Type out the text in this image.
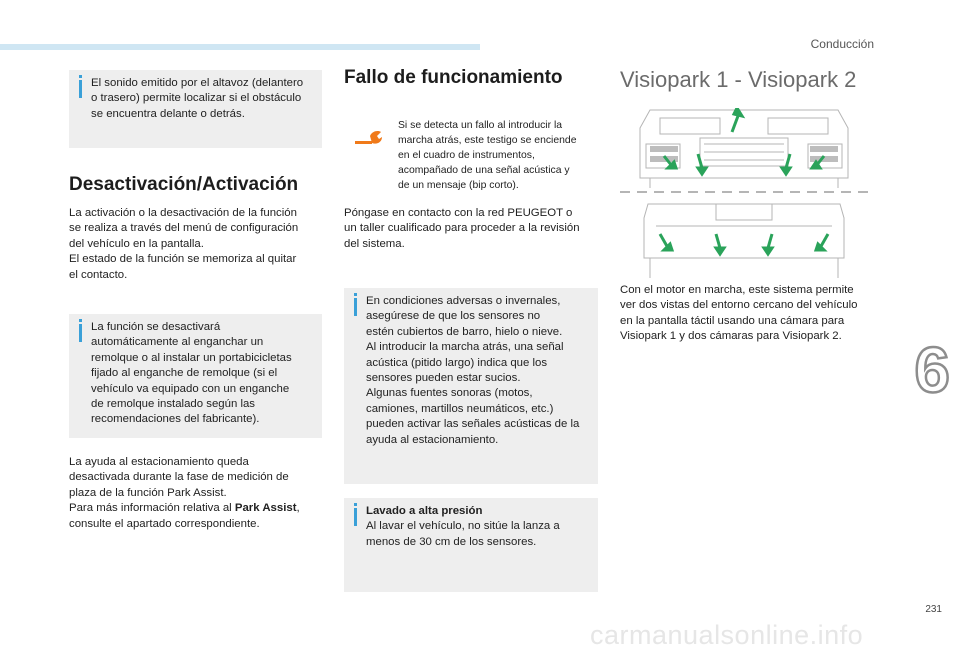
Conducción
6
231
carmanualsonline.info
El sonido emitido por el altavoz (delantero
o trasero) permite localizar si el obstáculo
se encuentra delante o detrás.
Desactivación/Activación
La activación o la desactivación de la función
se realiza a través del menú de configuración
del vehículo en la pantalla.
El estado de la función se memoriza al quitar
el contacto.
La función se desactivará
automáticamente al enganchar un
remolque o al instalar un portabicicletas
fijado al enganche de remolque (si el
vehículo va equipado con un enganche
de remolque instalado según las
recomendaciones del fabricante).
La ayuda al estacionamiento queda
desactivada durante la fase de medición de
plaza de la función Park Assist.
Para más información relativa al Park Assist,
consulte el apartado correspondiente.
Fallo de funcionamiento
Si se detecta un fallo al introducir la
marcha atrás, este testigo se enciende
en el cuadro de instrumentos,
acompañado de una señal acústica y
de un mensaje (bip corto).
Póngase en contacto con la red PEUGEOT o
un taller cualificado para proceder a la revisión
del sistema.
En condiciones adversas o invernales,
asegúrese de que los sensores no
estén cubiertos de barro, hielo o nieve.
Al introducir la marcha atrás, una señal
acústica (pitido largo) indica que los
sensores pueden estar sucios.
Algunas fuentes sonoras (motos,
camiones, martillos neumáticos, etc.)
pueden activar las señales acústicas de la
ayuda al estacionamiento.
Lavado a alta presión
Al lavar el vehículo, no sitúe la lanza a
menos de 30 cm de los sensores.
Visiopark 1 - Visiopark 2
Con el motor en marcha, este sistema permite
ver dos vistas del entorno cercano del vehículo
en la pantalla táctil usando una cámara para
Visiopark 1 y dos cámaras para Visiopark 2.
